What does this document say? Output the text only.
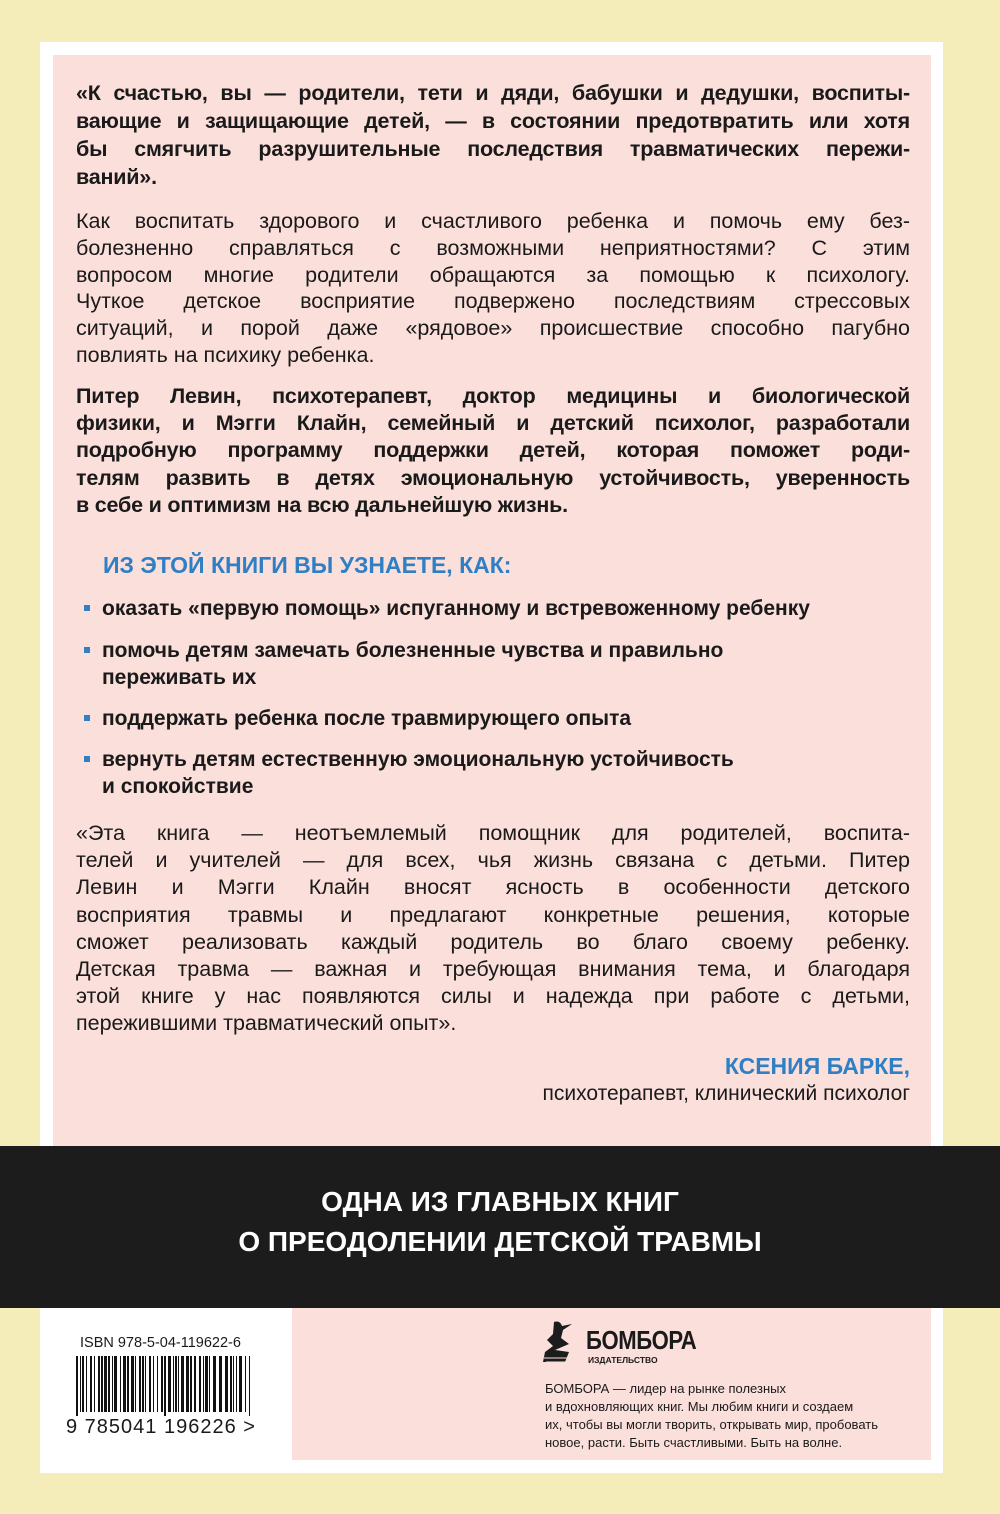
«К счастью, вы — родители, тети и дяди, бабушки и дедушки, воспиты-
вающие и защищающие детей, — в состоянии предотвратить или хотя
бы смягчить разрушительные последствия травматических пережи-
ваний».
Как воспитать здорового и счастливого ребенка и помочь ему без-
болезненно справляться с возможными неприятностями? С этим
вопросом многие родители обращаются за помощью к психологу.
Чуткое детское восприятие подвержено последствиям стрессовых
ситуаций, и порой даже «рядовое» происшествие способно пагубно
повлиять на психику ребенка.
Питер Левин, психотерапевт, доктор медицины и биологической
физики, и Мэгги Клайн, семейный и детский психолог, разработали
подробную программу поддержки детей, которая поможет роди-
телям развить в детях эмоциональную устойчивость, уверенность
в себе и оптимизм на всю дальнейшую жизнь.
ИЗ ЭТОЙ КНИГИ ВЫ УЗНАЕТЕ, КАК:
оказать «первую помощь» испуганному и встревоженному ребенку
помочь детям замечать болезненные чувства и правильно
переживать их
поддержать ребенка после травмирующего опыта
вернуть детям естественную эмоциональную устойчивость
и спокойствие
«Эта книга — неотъемлемый помощник для родителей, воспита-
телей и учителей — для всех, чья жизнь связана с детьми. Питер
Левин и Мэгги Клайн вносят ясность в особенности детского
восприятия травмы и предлагают конкретные решения, которые
сможет реализовать каждый родитель во благо своему ребенку.
Детская травма — важная и требующая внимания тема, и благодаря
этой книге у нас появляются силы и надежда при работе с детьми,
пережившими травматический опыт».
КСЕНИЯ БАРКЕ,
психотерапевт, клинический психолог
ОДНА ИЗ ГЛАВНЫХ КНИГ
О ПРЕОДОЛЕНИИ ДЕТСКОЙ ТРАВМЫ
ISBN 978-5-04-119622-6
9 785041 196226 >
БОМБОРА
ИЗДАТЕЛЬСТВО
БОМБОРА — лидер на рынке полезных
и вдохновляющих книг. Мы любим книги и создаем
их, чтобы вы могли творить, открывать мир, пробовать
новое, расти. Быть счастливыми. Быть на волне.
